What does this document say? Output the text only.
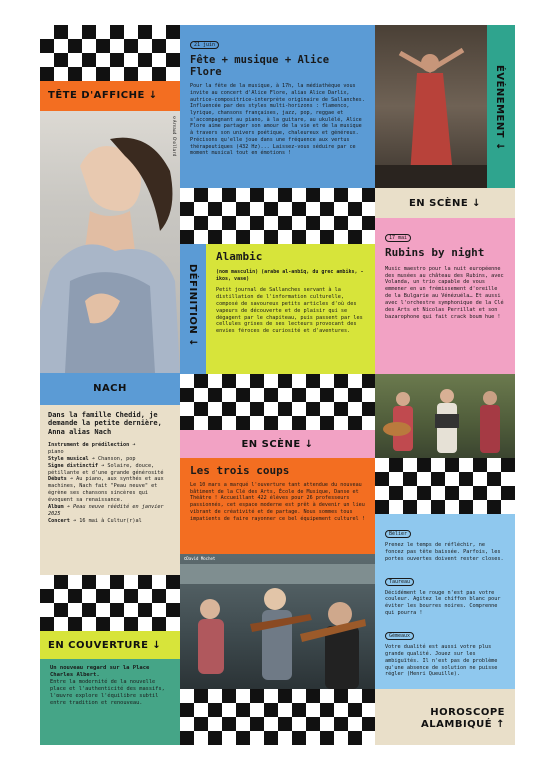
TÊTE D'AFFICHE ↓
©Arnaud Chollard
NACH
Dans la famille Chedid, je demande la petite dernière, Anna alias Nach
Instrument de prédilection ➔
piano
Style musical ➔ Chanson, pop
Signe distinctif ➔ Solaire, douce, pétillante et d'une grande générosité
Débuts ➔ Au piano, aux synthés et aux machines, Nach fait "Peau neuve" et égrène ses chansons sincères qui évoquent sa renaissance.
Album ➔ Peau neuve réédité en janvier 2025
Concert ➔ 16 mai à Cultur(r)al
EN COUVERTURE ↓
Un nouveau regard sur la Place Charles Albert.
Entre la modernité de la nouvelle place et l'authenticité des massifs, l'œuvre explore l'équilibre subtil entre tradition et renouveau.
21 juin
Fête + musique + Alice Flore
Pour la fête de la musique, à 17h, la médiathèque vous invite au concert d'Alice Flore, alias Alice Darlix, autrice-compositrice-interprète originaire de Sallanches. Influencée par des styles multi-horizons : flamenco, lyrique, chansons françaises, jazz, pop, reggae et s'accompagnant au piano, à la guitare, au ukulélé, Alice Flore aime partager son amour de la vie et de la musique à travers son univers poétique, chaleureux et généreux. Précisons qu'elle joue dans une fréquence aux vertus thérapeutiques (432 Hz)... Laissez-vous séduire par ce moment musical tout en émotions !
DÉFINITION ↓
Alambic
(nom masculin) (arabe al-anbīq, du grec ambiks, -ikos, vase)
Petit journal de Sallanches servant à la distillation de l'information culturelle, composé de savoureux petits articles d'où des vapeurs de découverte et de plaisir qui se dégagent par le chapiteau, puis passent par les cellules grises de ses lecteurs provocant des envies féroces de curiosité et d'aventures.
EN SCÈNE ↓
Les trois coups
Le 10 mars a marqué l'ouverture tant attendue du nouveau bâtiment de la Clé des Arts, École de Musique, Danse et Théâtre ! Accueillant 422 élèves pour 26 professeurs passionnés, cet espace moderne est prêt à devenir un lieu vibrant de créativité et de partage. Nous sommes tous impatients de faire rayonner ce bel équipement culturel !
©David Mochet
ÉVÉNEMENT ↓
EN SCÈNE ↓
17 mai
Rubins by night
Music maestro pour la nuit européenne des musées au château des Rubins, avec Volanda, un trio capable de vous emmener en un frémissement d'oreille de la Bulgarie au Vénézuéla… Et aussi avec l'orchestre symphonique de la Clé des Arts et Nicolas Perrillat et son bazarophone qui fait crack boum hue !
Bélier
Prenez le temps de réfléchir, ne foncez pas tête baissée. Parfois, les portes ouvertes doivent rester closes.
Taureau
Décidément le rouge n'est pas votre couleur. Agitez le chiffon blanc pour éviter les bourres noires. Comprenne qui pourra !
Gémeaux
Votre dualité est aussi votre plus grande qualité. Jouez sur les ambiguïtés. Il n'est pas de problème qu'une absence de solution ne puisse régler (Henri Queuille).
HOROSCOPE ALAMBIQUÉ ↑
